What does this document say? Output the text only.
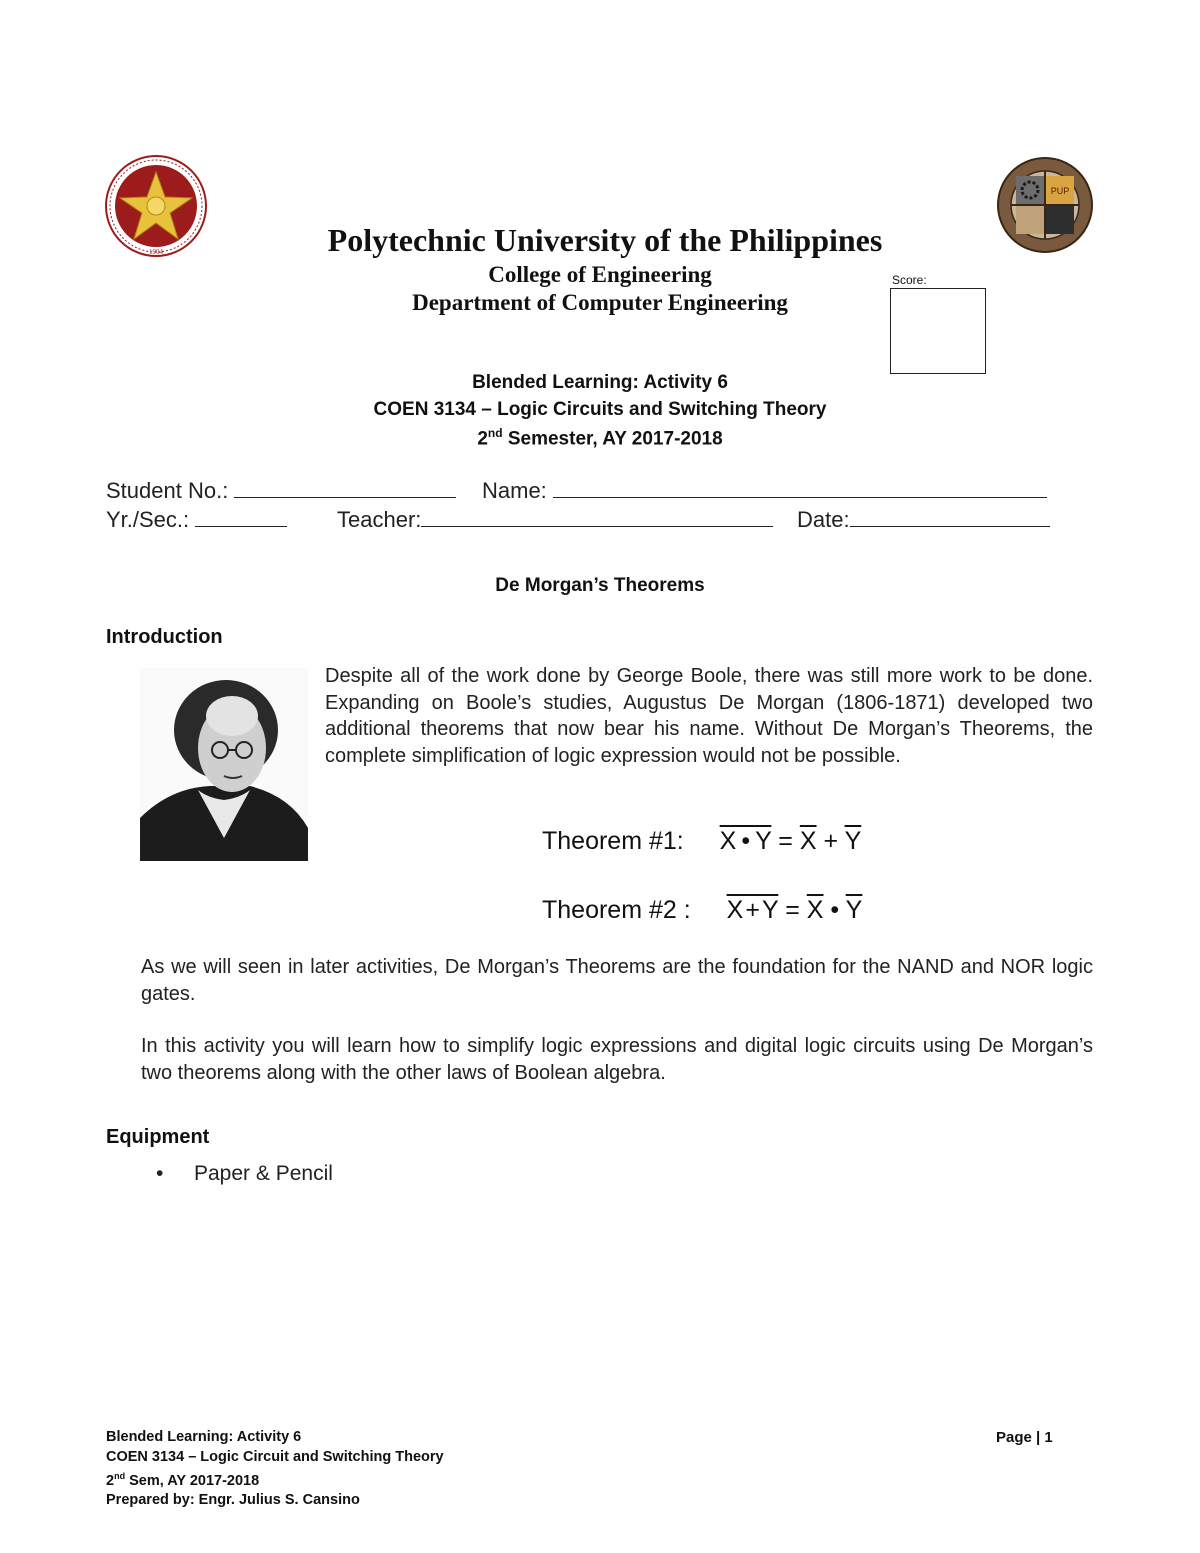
1904
PUP
Polytechnic University of the Philippines
College of Engineering
Department of Computer Engineering
Score:
Blended Learning: Activity 6
COEN 3134 – Logic Circuits and Switching Theory
2nd Semester, AY 2017-2018
Student No.:	Name:
Yr./Sec.:	Teacher:	Date:
De Morgan’s Theorems
Introduction
Despite all of the work done by George Boole, there was still more work to be done. Expanding on Boole’s studies, Augustus De Morgan (1806-1871) developed two additional theorems that now bear his name. Without De Morgan’s Theorems, the complete simplification of logic expression would not be possible.
Theorem #1: X • $Y = \overline{X} + \overline{Y}$
Theorem #2 : X + $Y = \overline{X}$ • $\overline{Y}$
As we will seen in later activities, De Morgan’s Theorems are the foundation for the NAND and NOR logic gates.
In this activity you will learn how to simplify logic expressions and digital logic circuits using De Morgan’s two theorems along with the other laws of Boolean algebra.
Equipment
• Paper & Pencil
Blended Learning: Activity 6
COEN 3134 – Logic Circuit and Switching Theory
2nd Sem, AY 2017-2018
Prepared by: Engr. Julius S. Cansino
Page | 1
